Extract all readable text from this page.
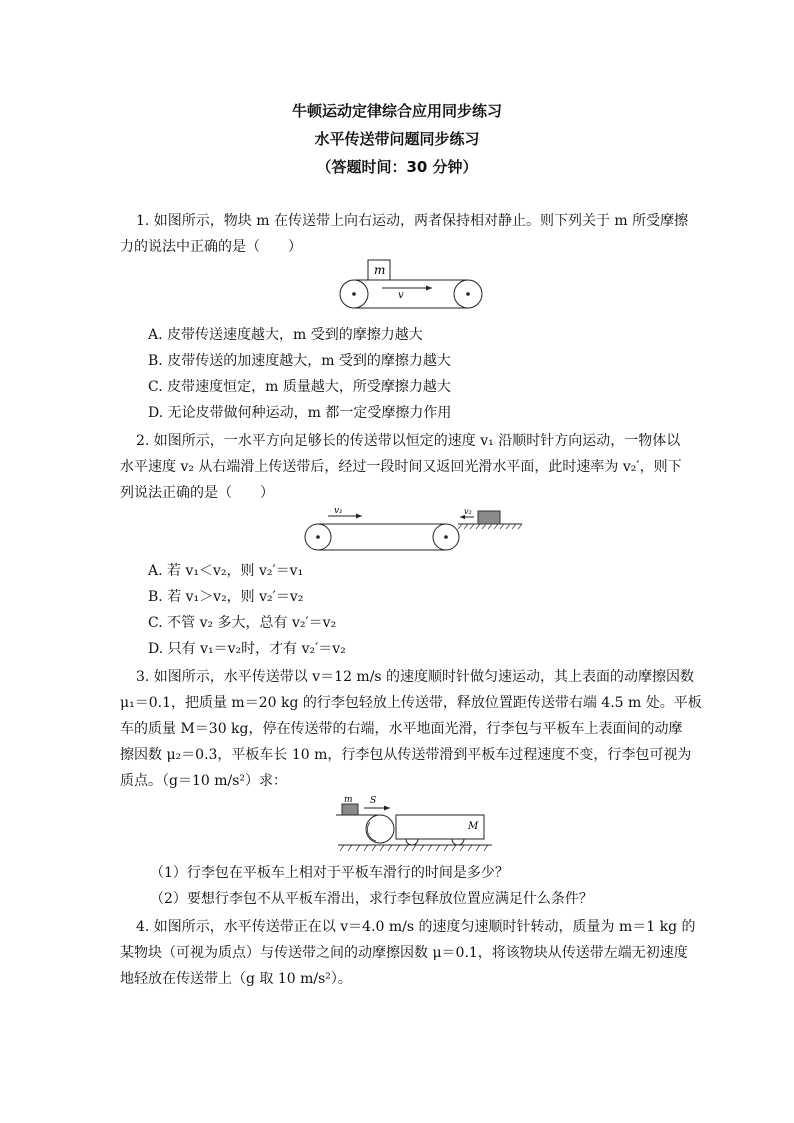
牛顿运动定律综合应用同步练习
水平传送带问题同步练习
（答题时间：30 分钟）
1. 如图所示，物块 m 在传送带上向右运动，两者保持相对静止。则下列关于 m 所受摩擦
力的说法中正确的是（　　）
m
v
A. 皮带传送速度越大，m 受到的摩擦力越大
B. 皮带传送的加速度越大，m 受到的摩擦力越大
C. 皮带速度恒定，m 质量越大，所受摩擦力越大
D. 无论皮带做何种运动，m 都一定受摩擦力作用
2. 如图所示，一水平方向足够长的传送带以恒定的速度 v₁ 沿顺时针方向运动，一物体以
水平速度 v₂ 从右端滑上传送带后，经过一段时间又返回光滑水平面，此时速率为 v₂′，则下
列说法正确的是（　　）
v₁	v₂
A. 若 v₁＜v₂，则 v₂′＝v₁
B. 若 v₁＞v₂，则 v₂′＝v₂
C. 不管 v₂ 多大，总有 v₂′＝v₂
D. 只有 v₁＝v₂时，才有 v₂′＝v₂
3. 如图所示，水平传送带以 v＝12 m/s 的速度顺时针做匀速运动，其上表面的动摩擦因数
μ₁＝0.1，把质量 m＝20 kg 的行李包轻放上传送带，释放位置距传送带右端 4.5 m 处。平板
车的质量 M＝30 kg，停在传送带的右端，水平地面光滑，行李包与平板车上表面间的动摩
擦因数 μ₂＝0.3，平板车长 10 m，行李包从传送带滑到平板车过程速度不变，行李包可视为
质点。（g＝10 m/s²）求：
m S
M
（1）行李包在平板车上相对于平板车滑行的时间是多少？
（2）要想行李包不从平板车滑出，求行李包释放位置应满足什么条件？
4. 如图所示，水平传送带正在以 v＝4.0 m/s 的速度匀速顺时针转动，质量为 m＝1 kg 的
某物块（可视为质点）与传送带之间的动摩擦因数 μ＝0.1，将该物块从传送带左端无初速度
地轻放在传送带上（g 取 10 m/s²）。
